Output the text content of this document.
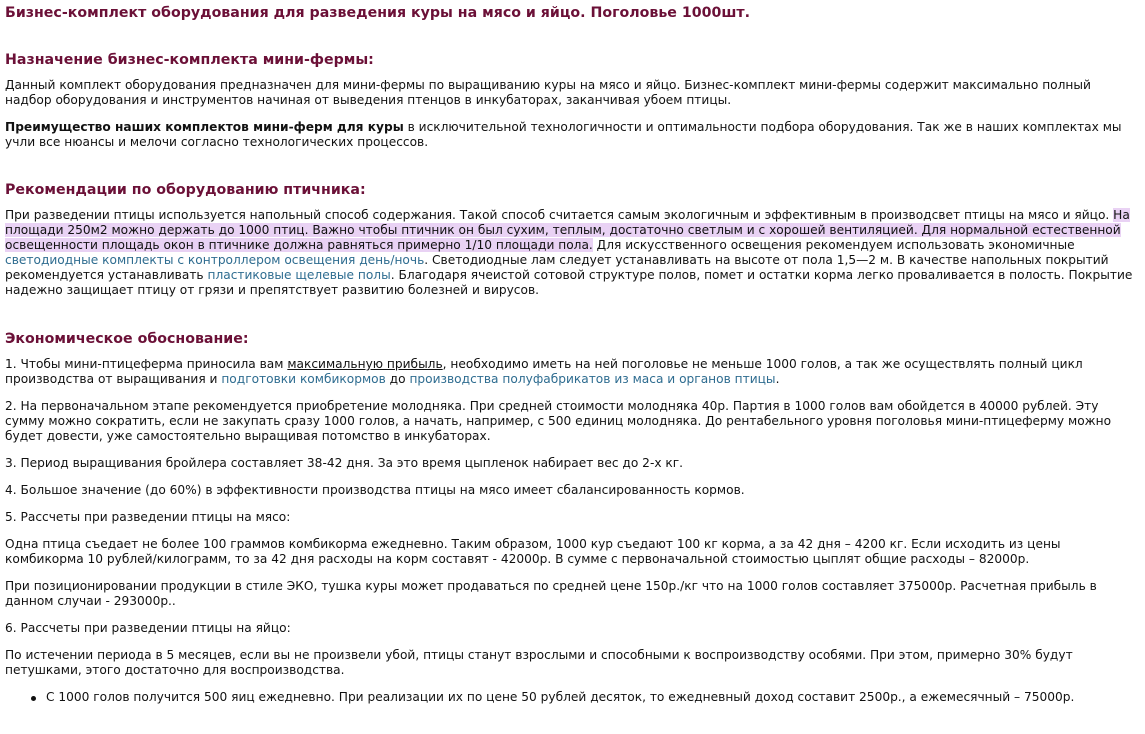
Бизнес-комплект оборудования для разведения куры на мясо и яйцо. Поголовье 1000шт.
Назначение бизнес-комплекта мини-фермы:

Данный комплект оборудования предназначен для мини-фермы по выращиванию куры на мясо и яйцо. Бизнес-комплект мини-фермы содержит максимально полный надбор оборудования и инструментов начиная от выведения птенцов в инкубаторах, заканчивая убоем птицы.

Преимущество наших комплектов мини-ферм для куры в исключительной технологичности и оптимальности подбора оборудования. Так же в наших комплектах мы учли все нюансы и мелочи согласно технологических процессов.

Рекомендации по оборудованию птичника:

При разведении птицы используется напольный способ содержания. Такой способ считается самым экологичным и эффективным в производсвет птицы на мясо и яйцо. На площади 250м2 можно держать до 1000 птиц. Важно чтобы птичник он был сухим, теплым, достаточно светлым и с хорошей вентиляцией. Для нормальной естественной освещенности площадь окон в птичнике должна равняться примерно 1/10 площади пола. Для искусственного освещения рекомендуем использовать экономичные светодиодные комплекты с контроллером освещения день/ночь. Светодиодные лам следует устанавливать на высоте от пола 1,5—2 м. В качестве напольных покрытий рекомендуется устанавливать пластиковые щелевые полы. Благодаря ячеистой сотовой структуре полов, помет и остатки корма легко проваливается в полость. Покрытие надежно защищает птицу от грязи и препятствует развитию болезней и вирусов.

Экономическое обоснование:

1. Чтобы мини-птицеферма приносила вам максимальную прибыль, необходимо иметь на ней поголовье не меньше 1000 голов, а так же осуществлять полный цикл производства от выращивания и подготовки комбикормов до производства полуфабрикатов из маса и органов птицы.

2. На первоначальном этапе рекомендуется приобретение молодняка. При средней стоимости молодняка 40р. Партия в 1000 голов вам обойдется в 40000 рублей. Эту сумму можно сократить, если не закупать сразу 1000 голов, а начать, например, с 500 единиц молодняка. До рентабельного уровня поголовья мини-птицеферму можно будет довести, уже самостоятельно выращивая потомство в инкубаторах.

3. Период выращивания бройлера составляет 38-42 дня. За это время цыпленок набирает вес до 2-х кг.

4. Большое значение (до 60%) в эффективности производства птицы на мясо имеет сбалансированность кормов.

5. Рассчеты при разведении птицы на мясо:

Одна птица съедает не более 100 граммов комбикорма ежедневно. Таким образом, 1000 кур съедают 100 кг корма, а за 42 дня – 4200 кг. Если исходить из цены комбикорма 10 рублей/килограмм, то за 42 дня расходы на корм составят - 42000р. В сумме с первоначальной стоимостью цыплят общие расходы – 82000р.

При позиционировании продукции в стиле ЭКО, тушка куры может продаваться по средней цене 150р./кг что на 1000 голов составляет 375000р. Расчетная прибыль в данном случаи - 293000р..

6. Рассчеты при разведении птицы на яйцо:

По истечении периода в 5 месяцев, если вы не произвели убой, птицы станут взрослыми и способными к воспроизводству особями. При этом, примерно 30% будут петушками, этого достаточно для воспроизводства.

С 1000 голов получится 500 яиц ежедневно. При реализации их по цене 50 рублей десяток, то ежедневный доход составит 2500р., а ежемесячный – 75000р.
